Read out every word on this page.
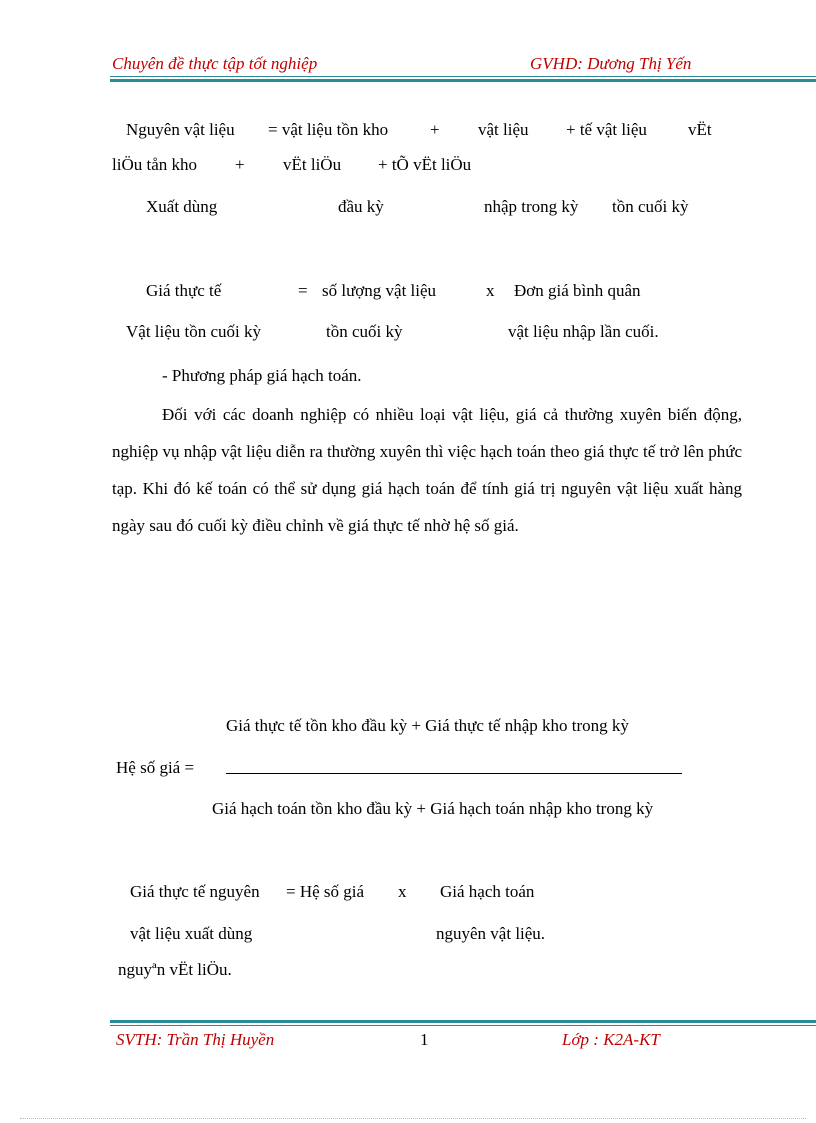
Chuyên đề thực tập tốt nghiệp	GVHD: Dương Thị Yến
Nguyên vật liệu = vật liệu tồn kho + vật liệu + tế vật liệu vËt
liÖu tån kho + vËt liÖu + tÕ vËt liÖu
Xuất dùng	đầu kỳ	nhập trong kỳ tồn cuối kỳ
Giá thực tế	= số lượng vật liệu	x Đơn giá bình quân
Vật liệu tồn cuối kỳ	tồn cuối kỳ	vật liệu nhập lần cuối.
- Phương pháp giá hạch toán.
Đối với các doanh nghiệp có nhiều loại vật liệu, giá cả thường xuyên biến động, nghiệp vụ nhập vật liệu diễn ra thường xuyên thì việc hạch toán theo giá thực tế trở lên phức tạp. Khi đó kế toán có thể sử dụng giá hạch toán để tính giá trị nguyên vật liệu xuất hàng ngày sau đó cuối kỳ điều chỉnh về giá thực tế nhờ hệ số giá.
Giá thực tế tồn kho đầu kỳ + Giá thực tế nhập kho trong kỳ
Hệ số giá =
Giá hạch toán tồn kho đầu kỳ + Giá hạch toán nhập kho trong kỳ
Giá thực tế nguyên = Hệ số giá x Giá hạch toán
vật liệu xuất dùng	nguyên vật liệu.
nguyªn vËt liÖu.
SVTH: Trần Thị Huyền	1	Lớp : K2A-KT
